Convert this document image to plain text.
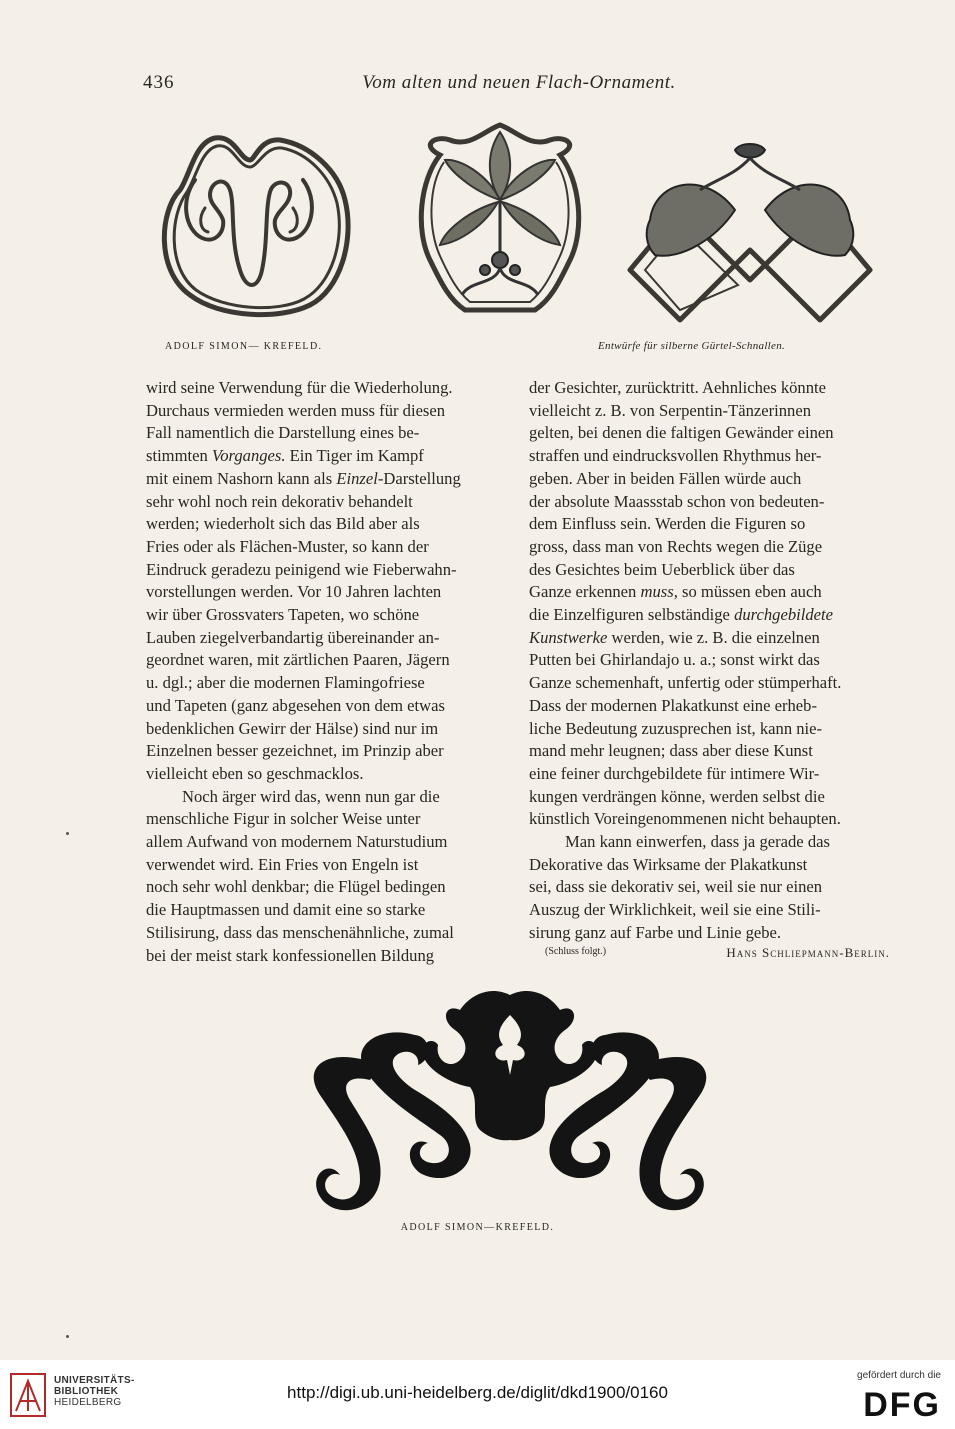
436	Vom alten und neuen Flach-Ornament.
ADOLF SIMON— KREFELD.	Entwürfe für silberne Gürtel-Schnallen.

wird seine Verwendung für die Wiederholung.

Durchaus vermieden werden muss für diesen

Fall namentlich die Darstellung eines be-

stimmten Vorganges. Ein Tiger im Kampf

mit einem Nashorn kann als Einzel-Darstellung

sehr wohl noch rein dekorativ behandelt

werden; wiederholt sich das Bild aber als

Fries oder als Flächen-Muster, so kann der

Eindruck geradezu peinigend wie Fieberwahn-

vorstellungen werden. Vor 10 Jahren lachten

wir über Grossvaters Tapeten, wo schöne

Lauben ziegelverbandartig übereinander an-

geordnet waren, mit zärtlichen Paaren, Jägern

u. dgl.; aber die modernen Flamingofriese

und Tapeten (ganz abgesehen von dem etwas

bedenklichen Gewirr der Hälse) sind nur im

Einzelnen besser gezeichnet, im Prinzip aber

vielleicht eben so geschmacklos.

Noch ärger wird das, wenn nun gar die

menschliche Figur in solcher Weise unter

allem Aufwand von modernem Naturstudium

verwendet wird. Ein Fries von Engeln ist

noch sehr wohl denkbar; die Flügel bedingen

die Hauptmassen und damit eine so starke

Stilisirung, dass das menschenähnliche, zumal

bei der meist stark konfessionellen Bildung

der Gesichter, zurücktritt. Aehnliches könnte

vielleicht z. B. von Serpentin-Tänzerinnen

gelten, bei denen die faltigen Gewänder einen

straffen und eindrucksvollen Rhythmus her-

geben. Aber in beiden Fällen würde auch

der absolute Maassstab schon von bedeuten-

dem Einfluss sein. Werden die Figuren so

gross, dass man von Rechts wegen die Züge

des Gesichtes beim Ueberblick über das

Ganze erkennen muss, so müssen eben auch

die Einzelfiguren selbständige durchgebildete

Kunstwerke werden, wie z. B. die einzelnen

Putten bei Ghirlandajo u. a.; sonst wirkt das

Ganze schemenhaft, unfertig oder stümperhaft.

Dass der modernen Plakatkunst eine erheb-

liche Bedeutung zuzusprechen ist, kann nie-

mand mehr leugnen; dass aber diese Kunst

eine feiner durchgebildete für intimere Wir-

kungen verdrängen könne, werden selbst die

künstlich Voreingenommenen nicht behaupten.

Man kann einwerfen, dass ja gerade das

Dekorative das Wirksame der Plakatkunst

sei, dass sie dekorativ sei, weil sie nur einen

Auszug der Wirklichkeit, weil sie eine Stili-

sirung ganz auf Farbe und Linie gebe.

(Schluss folgt.)	Hans Schliepmann-Berlin.
ADOLF SIMON—KREFELD.
UNIVERSITÄTS-
BIBLIOTHEK
HEIDELBERG
http://digi.ub.uni-heidelberg.de/diglit/dkd1900/0160
gefördert durch die
DFG
